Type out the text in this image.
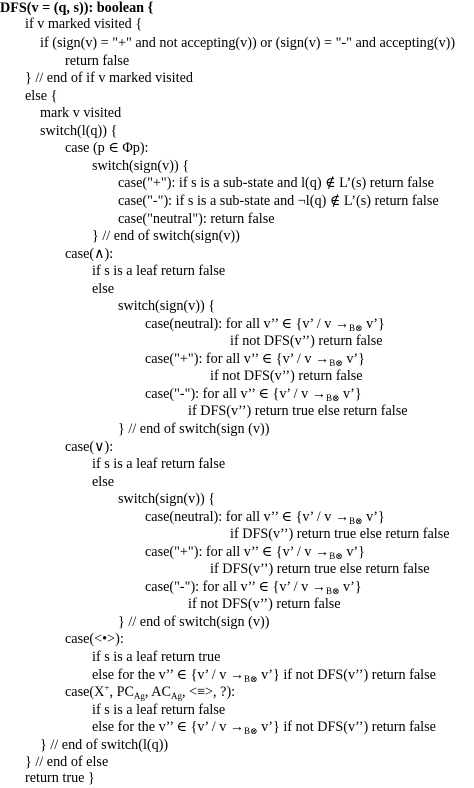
DFS(v = (q, s)): boolean {
if v marked visited {
if (sign(v) = "+" and not accepting(v)) or (sign(v) = "-" and accepting(v))
return false
} // end of if v marked visited
else {
mark v visited
switch(l(q)) {
case (p ∈ Φp):
switch(sign(v)) {
case("+"): if s is a sub-state and l(q) ∉ L’(s) return false
case("-"): if s is a sub-state and ¬l(q) ∉ L’(s) return false
case("neutral"): return false
} // end of switch(sign(v))
case(∧):
if s is a leaf return false
else
switch(sign(v)) {
case(neutral): for all v’’ ∈ {v’ / $v \to_{B\otimes}$ v’}
if not DFS(v’’) return false
case("+"): for all v’’ ∈ {v’ / $v \to_{B\otimes}$ v’}
if not DFS(v’’) return false
case("-"): for all v’’ ∈ {v’ / $v \to_{B\otimes}$ v’}
if DFS(v’’) return true else return false
} // end of switch(sign (v))
case(∨):
if s is a leaf return false
else
switch(sign(v)) {
case(neutral): for all v’’ ∈ {v’ / $v \to_{B\otimes}$ v’}
if DFS(v’’) return true else return false
case("+"): for all v’’ ∈ {v’ / $v \to_{B\otimes}$ v’}
if DFS(v’’) return true else return false
case("-"): for all v’’ ∈ {v’ / $v \to_{B\otimes}$ v’}
if not DFS(v’’) return false
} // end of switch(sign (v))
case(<•>):
if s is a leaf return true
else for the v’’ ∈ {v’ / $v \to_{B\otimes}$ v’} if not DFS(v’’) return false
case(X+, $PC_{Ag}$, $AC_{Ag}$, <≡>, ?):
if s is a leaf return false
else for the v’’ ∈ {v’ / $v \to_{B\otimes}$ v’} if not DFS(v’’) return false
} // end of switch(l(q))
} // end of else
return true }
